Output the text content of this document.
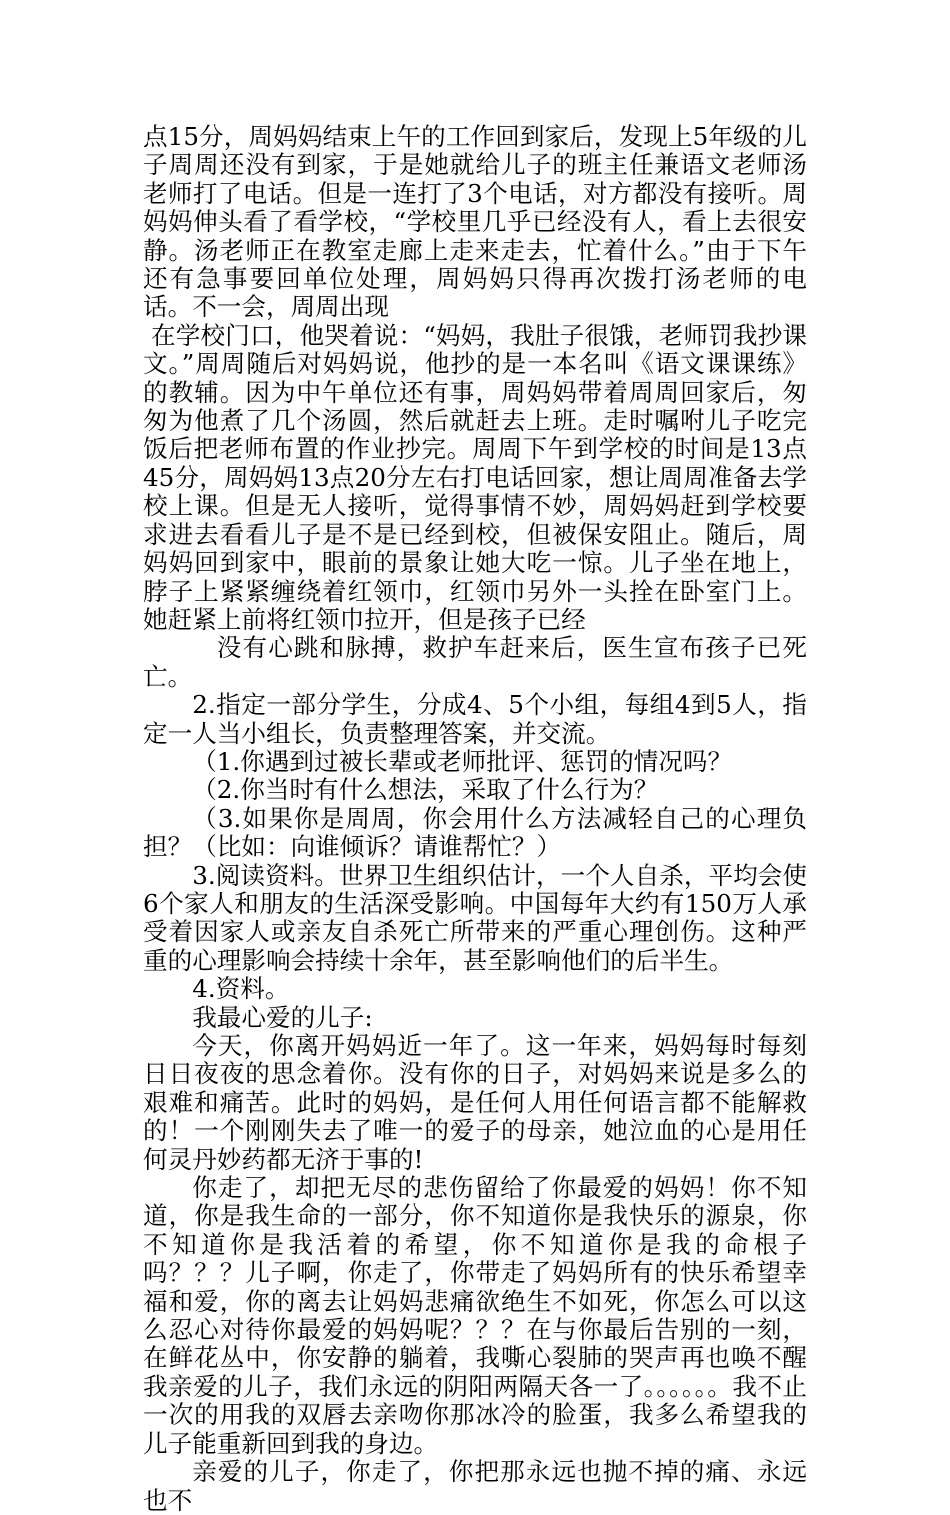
点15分，周妈妈结束上午的工作回到家后，发现上5年级的儿子周周还没有到家，于是她就给儿子的班主任兼语文老师汤老师打了电话。但是一连打了3个电话，对方都没有接听。周妈妈伸头看了看学校，“学校里几乎已经没有人，看上去很安静。汤老师正在教室走廊上走来走去，忙着什么。”由于下午还有急事要回单位处理，周妈妈只得再次拨打汤老师的电话。不一会，周周出现

在学校门口，他哭着说：“妈妈，我肚子很饿，老师罚我抄课文。”周周随后对妈妈说，他抄的是一本名叫《语文课课练》的教辅。因为中午单位还有事，周妈妈带着周周回家后，匆匆为他煮了几个汤圆，然后就赶去上班。走时嘱咐儿子吃完饭后把老师布置的作业抄完。周周下午到学校的时间是13点45分，周妈妈13点20分左右打电话回家，想让周周准备去学校上课。但是无人接听，觉得事情不妙，周妈妈赶到学校要求进去看看儿子是不是已经到校，但被保安阻止。随后，周妈妈回到家中，眼前的景象让她大吃一惊。儿子坐在地上，脖子上紧紧缠绕着红领巾，红领巾另外一头拴在卧室门上。她赶紧上前将红领巾拉开，但是孩子已经

没有心跳和脉搏，救护车赶来后，医生宣布孩子已死亡。

2.指定一部分学生，分成4、5个小组，每组4到5人，指定一人当小组长，负责整理答案，并交流。

（1.你遇到过被长辈或老师批评、惩罚的情况吗？

（2.你当时有什么想法，采取了什么行为？

（3.如果你是周周，你会用什么方法减轻自己的心理负担？（比如：向谁倾诉？请谁帮忙？）

3.阅读资料。世界卫生组织估计，一个人自杀，平均会使6个家人和朋友的生活深受影响。中国每年大约有150万人承受着因家人或亲友自杀死亡所带来的严重心理创伤。这种严重的心理影响会持续十余年，甚至影响他们的后半生。

4.资料。

我最心爱的儿子:

今天，你离开妈妈近一年了。这一年来，妈妈每时每刻日日夜夜的思念着你。没有你的日子，对妈妈来说是多么的艰难和痛苦。此时的妈妈，是任何人用任何语言都不能解救的！一个刚刚失去了唯一的爱子的母亲，她泣血的心是用任何灵丹妙药都无济于事的!

你走了，却把无尽的悲伤留给了你最爱的妈妈！你不知道，你是我生命的一部分，你不知道你是我快乐的源泉，你不知道你是我活着的希望，你不知道你是我的命根子吗？？？儿子啊，你走了，你带走了妈妈所有的快乐希望幸福和爱，你的离去让妈妈悲痛欲绝生不如死，你怎么可以这么忍心对待你最爱的妈妈呢？？？在与你最后告别的一刻，在鲜花丛中，你安静的躺着，我嘶心裂肺的哭声再也唤不醒我亲爱的儿子，我们永远的阴阳两隔天各一了。。。。。。我不止一次的用我的双唇去亲吻你那冰冷的脸蛋，我多么希望我的儿子能重新回到我的身边。

亲爱的儿子，你走了，你把那永远也抛不掉的痛、永远也不
